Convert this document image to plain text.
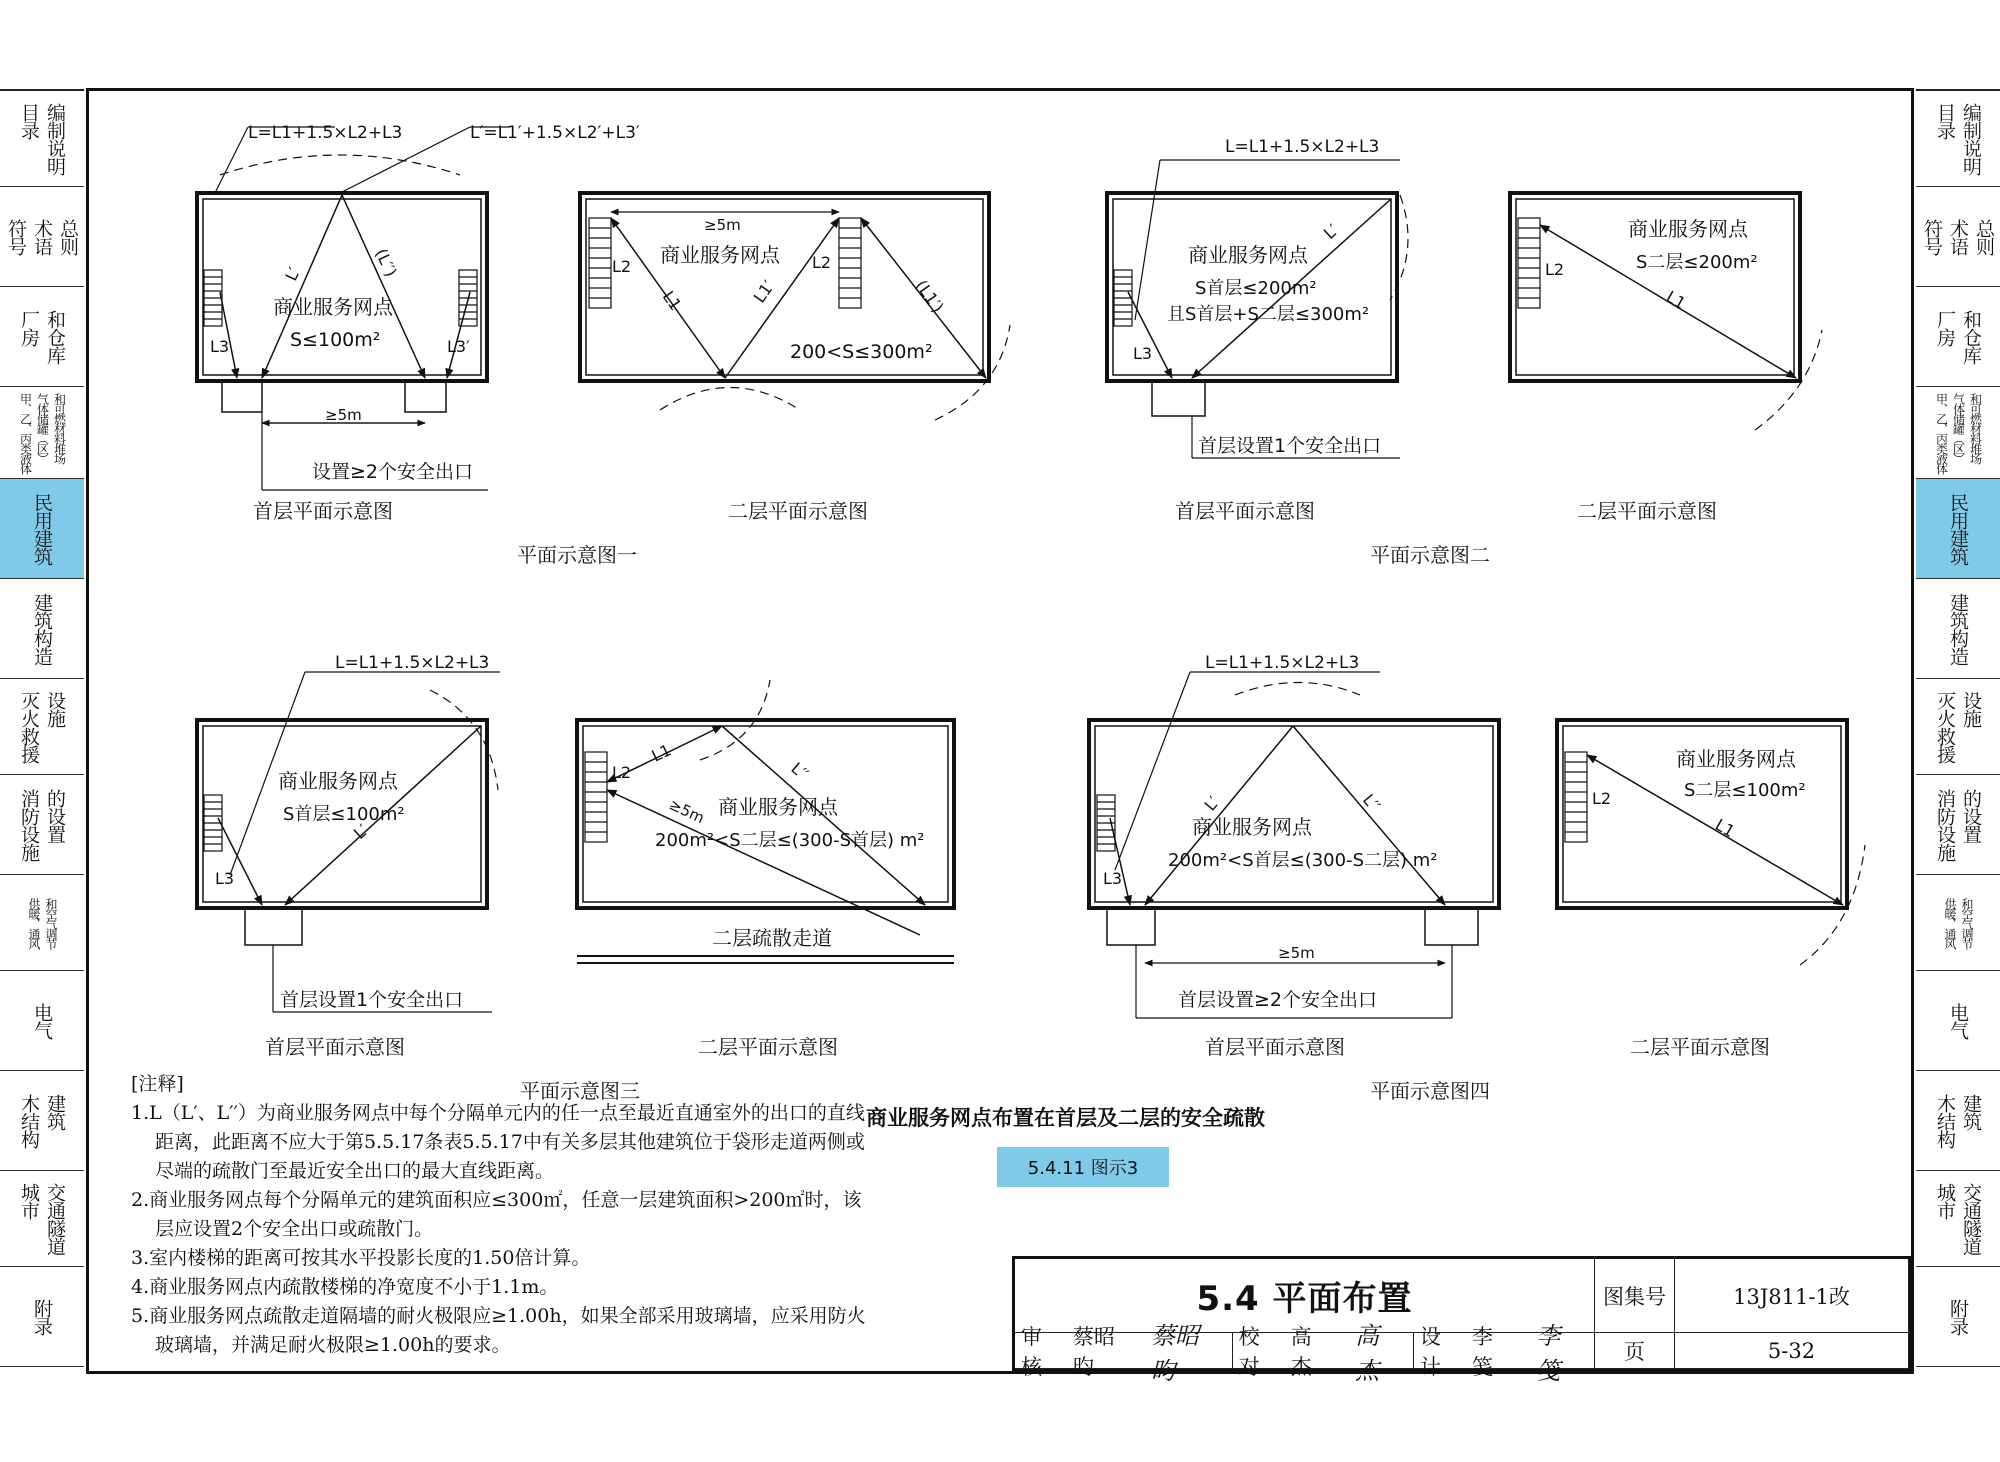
编制说明
目录
总则
术语
符号
和仓库
厂房
和可燃材料堆场
气体储罐（区）
甲、乙、丙类液体
民用建筑
建筑构造
设施
灭火救援
的设置
消防设施
和空气调节
供暖、通风
电气
建筑
木结构
交通隧道
城市
附录
编制说明
目录
总则
术语
符号
和仓库
厂房
和可燃材料堆场
气体储罐（区）
甲、乙、丙类液体
民用建筑
建筑构造
设施
灭火救援
的设置
消防设施
和空气调节
供暖、通风
电气
建筑
木结构
交通隧道
城市
附录
L=L1+1.5×L2+L3	L′=L1′+1.5×L2′+L3′
商业服务网点
S≤100m²
L3	L3′
L′	(L′′)
≥5m
设置≥2个安全出口
首层平面示意图
≥5m
商业服务网点
L2	L2
L1	L1′	(L1′)
200<S≤300m²
二层平面示意图
平面示意图一
L=L1+1.5×L2+L3
商业服务网点
S首层≤200m²
且S首层+S二层≤300m²
L3
L′
首层设置1个安全出口
首层平面示意图
商业服务网点
S二层≤200m²
L2
L1
二层平面示意图
平面示意图二
L=L1+1.5×L2+L3
商业服务网点
S首层≤100m²
L3
L′
首层设置1个安全出口
首层平面示意图
L2
L1
L′′
≥5m 商业服务网点
200m²<S二层≤(300-S首层) m²
二层疏散走道
二层平面示意图
平面示意图三
L=L1+1.5×L2+L3
商业服务网点
200m²<S首层≤(300-S二层) m²
L3
L′	L′′
≥5m
首层设置≥2个安全出口
首层平面示意图
商业服务网点
S二层≤100m²
L2
L1
二层平面示意图
平面示意图四
[注释]
1.L（L′、L′′）为商业服务网点中每个分隔单元内的任一点至最近直通室外的出口的直线距离，此距离不应大于第5.5.17条表5.5.17中有关多层其他建筑位于袋形走道两侧或尽端的疏散门至最近安全出口的最大直线距离。
2.商业服务网点每个分隔单元的建筑面积应≤300㎡，任意一层建筑面积>200㎡时，该层应设置2个安全出口或疏散门。
3.室内楼梯的距离可按其水平投影长度的1.50倍计算。
4.商业服务网点内疏散楼梯的净宽度不小于1.1m。
5.商业服务网点疏散走道隔墙的耐火极限应≥1.00h，如果全部采用玻璃墙，应采用防火玻璃墙，并满足耐火极限≥1.00h的要求。
商业服务网点布置在首层及二层的安全疏散
5.4.11 图示3
5.4 平面布置	图集号	13J811-1改
审核
蔡昭昀
蔡昭昀
校对
高 杰
高杰
设计
李 笺
李笺
页	5-32
